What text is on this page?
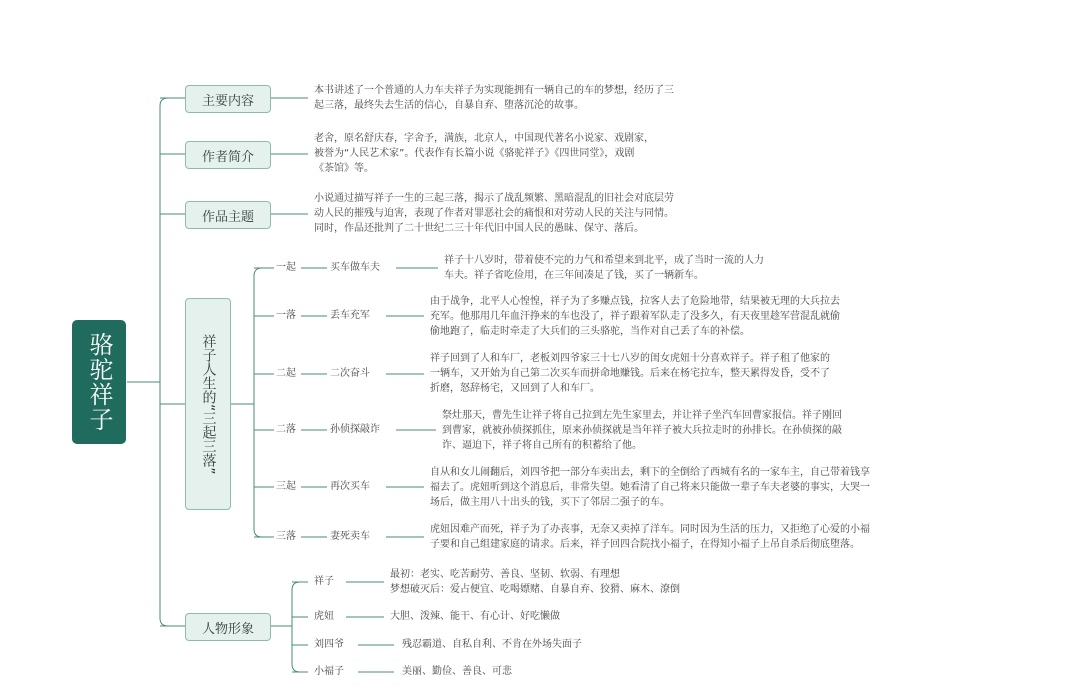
骆驼祥子
主要内容
本书讲述了一个普通的人力车夫祥子为实现能拥有一辆自己的车的梦想，经历了三
起三落，最终失去生活的信心，自暴自弃、堕落沉沦的故事。
作者简介
老舍，原名舒庆春，字舍予，满族，北京人，中国现代著名小说家、戏剧家，
被誉为“人民艺术家”。代表作有长篇小说《骆驼祥子》《四世同堂》，戏剧
《茶馆》等。
作品主题
小说通过描写祥子一生的三起三落，揭示了战乱频繁、黑暗混乱的旧社会对底层劳
动人民的摧残与迫害，表现了作者对罪恶社会的痛恨和对劳动人民的关注与同情。
同时，作品还批判了二十世纪二三十年代旧中国人民的愚昧、保守、落后。
祥子人生的“三起三落”
一起	买车做车夫
祥子十八岁时，带着使不完的力气和希望来到北平，成了当时一流的人力
车夫。祥子省吃俭用，在三年间凑足了钱，买了一辆新车。
一落	丢车充军
由于战争，北平人心惶惶，祥子为了多赚点钱，拉客人去了危险地带，结果被无理的大兵拉去
充军。他那用几年血汗挣来的车也没了，祥子跟着军队走了没多久，有天夜里趁军营混乱就偷
偷地跑了，临走时牵走了大兵们的三头骆驼，当作对自己丢了车的补偿。
二起	二次奋斗
祥子回到了人和车厂，老板刘四爷家三十七八岁的闺女虎妞十分喜欢祥子。祥子租了他家的
一辆车，又开始为自己第二次买车而拼命地赚钱。后来在杨宅拉车，整天累得发昏，受不了
折磨，怒辞杨宅，又回到了人和车厂。
二落	孙侦探敲诈
祭灶那天，曹先生让祥子将自己拉到左先生家里去，并让祥子坐汽车回曹家报信。祥子刚回
到曹家，就被孙侦探抓住，原来孙侦探就是当年祥子被大兵拉走时的孙排长。在孙侦探的敲
诈、逼迫下，祥子将自己所有的积蓄给了他。
三起	再次买车
自从和女儿闹翻后，刘四爷把一部分车卖出去，剩下的全倒给了西城有名的一家车主，自己带着钱享
福去了。虎妞听到这个消息后，非常失望。她看清了自己将来只能做一辈子车夫老婆的事实，大哭一
场后，做主用八十出头的钱，买下了邻居二强子的车。
三落	妻死卖车
虎妞因难产而死，祥子为了办丧事，无奈又卖掉了洋车。同时因为生活的压力，又拒绝了心爱的小福
子要和自己组建家庭的请求。后来，祥子回四合院找小福子，在得知小福子上吊自杀后彻底堕落。
人物形象
祥子
最初：老实、吃苦耐劳、善良、坚韧、软弱、有理想
梦想破灭后：爱占便宜、吃喝嫖赌、自暴自弃、狡猾、麻木、潦倒
虎妞	大胆、泼辣、能干、有心计、好吃懒做
刘四爷	残忍霸道、自私自利、不肯在外场失面子
小福子	美丽、勤俭、善良、可悲
